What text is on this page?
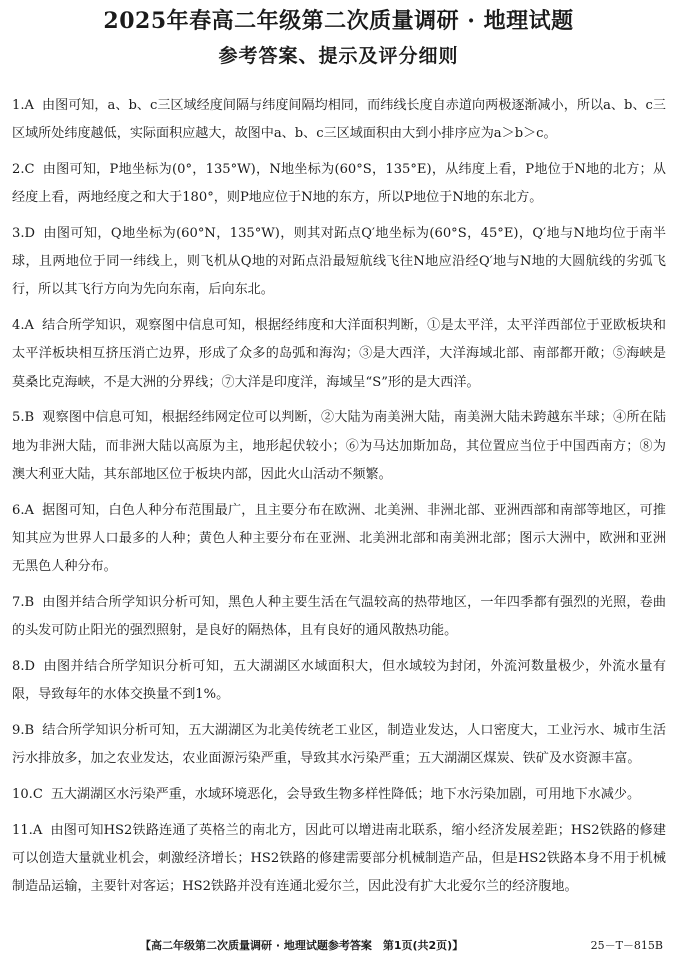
2025年春高二年级第二次质量调研 · 地理试题
参考答案、提示及评分细则
1.A 由图可知，a、b、c三区域经度间隔与纬度间隔均相同，而纬线长度自赤道向两极逐渐减小，所以a、b、c三区域所处纬度越低，实际面积应越大，故图中a、b、c三区域面积由大到小排序应为a＞b＞c。
2.C 由图可知，P地坐标为(0°，135°W)，N地坐标为(60°S，135°E)，从纬度上看，P地位于N地的北方；从经度上看，两地经度之和大于180°，则P地应位于N地的东方，所以P地位于N地的东北方。
3.D 由图可知，Q地坐标为(60°N，135°W)，则其对跖点Q′地坐标为(60°S，45°E)，Q′地与N地均位于南半球，且两地位于同一纬线上，则飞机从Q地的对跖点沿最短航线飞往N地应沿经Q′地与N地的大圆航线的劣弧飞行，所以其飞行方向为先向东南，后向东北。
4.A 结合所学知识，观察图中信息可知，根据经纬度和大洋面积判断，①是太平洋，太平洋西部位于亚欧板块和太平洋板块相互挤压消亡边界，形成了众多的岛弧和海沟；③是大西洋，大洋海域北部、南部都开敞；⑤海峡是莫桑比克海峡，不是大洲的分界线；⑦大洋是印度洋，海域呈“S”形的是大西洋。
5.B 观察图中信息可知，根据经纬网定位可以判断，②大陆为南美洲大陆，南美洲大陆未跨越东半球；④所在陆地为非洲大陆，而非洲大陆以高原为主，地形起伏较小；⑥为马达加斯加岛，其位置应当位于中国西南方；⑧为澳大利亚大陆，其东部地区位于板块内部，因此火山活动不频繁。
6.A 据图可知，白色人种分布范围最广，且主要分布在欧洲、北美洲、非洲北部、亚洲西部和南部等地区，可推知其应为世界人口最多的人种；黄色人种主要分布在亚洲、北美洲北部和南美洲北部；图示大洲中，欧洲和亚洲无黑色人种分布。
7.B 由图并结合所学知识分析可知，黑色人种主要生活在气温较高的热带地区，一年四季都有强烈的光照，卷曲的头发可防止阳光的强烈照射，是良好的隔热体，且有良好的通风散热功能。
8.D 由图并结合所学知识分析可知，五大湖湖区水域面积大，但水域较为封闭，外流河数量极少，外流水量有限，导致每年的水体交换量不到1%。
9.B 结合所学知识分析可知，五大湖湖区为北美传统老工业区，制造业发达，人口密度大，工业污水、城市生活污水排放多，加之农业发达，农业面源污染严重，导致其水污染严重；五大湖湖区煤炭、铁矿及水资源丰富。
10.C 五大湖湖区水污染严重，水域环境恶化，会导致生物多样性降低；地下水污染加剧，可用地下水减少。
11.A 由图可知HS2铁路连通了英格兰的南北方，因此可以增进南北联系，缩小经济发展差距；HS2铁路的修建可以创造大量就业机会，刺激经济增长；HS2铁路的修建需要部分机械制造产品，但是HS2铁路本身不用于机械制造品运输，主要针对客运；HS2铁路并没有连通北爱尔兰，因此没有扩大北爱尔兰的经济腹地。
【高二年级第二次质量调研 · 地理试题参考答案　第1页(共2页)】	25－T－815B
